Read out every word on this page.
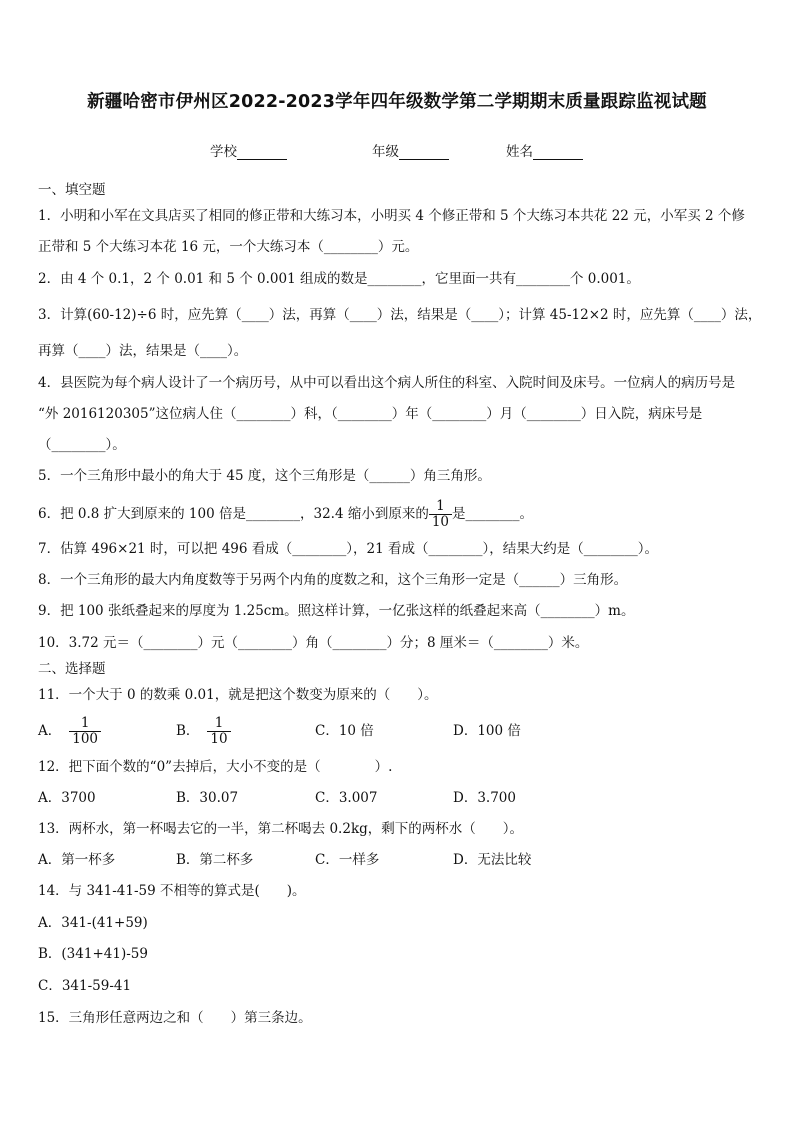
新疆哈密市伊州区2022-2023学年四年级数学第二学期期末质量跟踪监视试题
学校	年级	姓名
一、填空题
1．小明和小军在文具店买了相同的修正带和大练习本，小明买 4 个修正带和 5 个大练习本共花 22 元，小军买 2 个修
正带和 5 个大练习本花 16 元，一个大练习本（________）元。
2．由 4 个 0.1，2 个 0.01 和 5 个 0.001 组成的数是________，它里面一共有________个 0.001。
3．计算(60-12)÷6 时，应先算（____）法，再算（____）法，结果是（____）；计算 45-12×2 时，应先算（____）法，
再算（____）法，结果是（____）。
4．县医院为每个病人设计了一个病历号，从中可以看出这个病人所住的科室、入院时间及床号。一位病人的病历号是
“外 2016120305”这位病人住（________）科，（________）年（________）月（________）日入院，病床号是
（________）。
5．一个三角形中最小的角大于 45 度，这个三角形是（______）角三角形。
6．把 0.8 扩大到原来的 100 倍是________，32.4 缩小到原来的 $\frac{1}{10}$ 是________。
7．估算 496×21 时，可以把 496 看成（________），21 看成（________），结果大约是（________）。
8．一个三角形的最大内角度数等于另两个内角的度数之和，这个三角形一定是（______）三角形。
9．把 100 张纸叠起来的厚度为 1.25cm。照这样计算，一亿张这样的纸叠起来高（________）m。
10．3.72 元＝（________）元（________）角（________）分；8 厘米＝（________）米。
二、选择题
11．一个大于 0 的数乘 0.01，就是把这个数变为原来的（　　）。
A． $\frac{1}{100}$	B． $\frac{1}{10}$	C．10 倍	D．100 倍
12．把下面个数的“0”去掉后，大小不变的是（　　　　）.
A．3700	B．30.07	C．3.007	D．3.700
13．两杯水，第一杯喝去它的一半，第二杯喝去 0.2kg，剩下的两杯水（　　）。
A．第一杯多	B．第二杯多	C．一样多	D．无法比较
14．与 341-41-59 不相等的算式是(　　)。
A．341-(41+59)
B．(341+41)-59
C．341-59-41
15．三角形任意两边之和（　　）第三条边。
